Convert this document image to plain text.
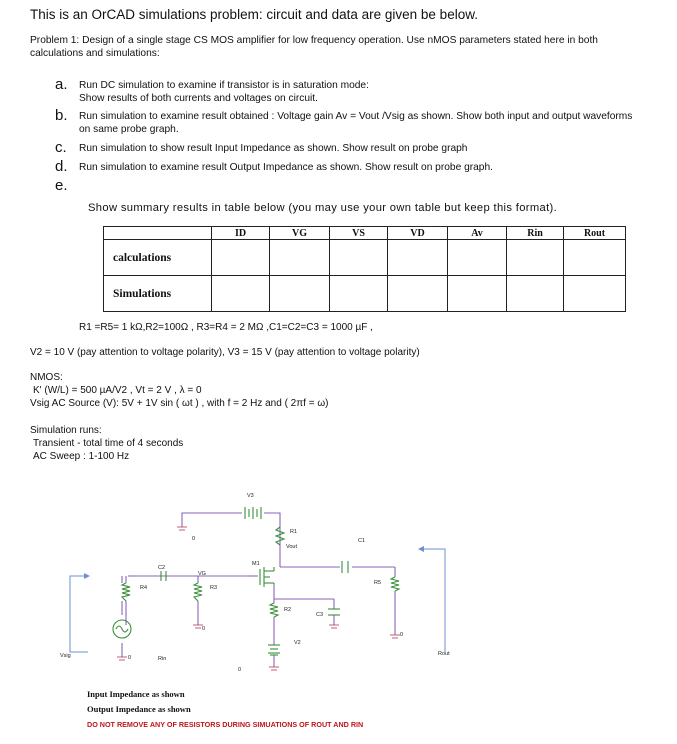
This is an OrCAD simulations problem: circuit and data are given be below.
Problem 1: Design of a single stage CS MOS amplifier for low frequency operation. Use nMOS parameters stated here in both calculations and simulations:
a. Run DC simulation to examine if transistor is in saturation mode:
Show results of both currents and voltages on circuit.
b. Run simulation to examine result obtained : Voltage gain Av = Vout /Vsig as shown. Show both input and output waveforms on same probe graph.
c. Run simulation to show result Input Impedance as shown. Show result on probe graph
d. Run simulation to examine result Output Impedance as shown. Show result on probe graph.
e.
Show summary results in table below (you may use your own table but keep this format).
	ID	VG	VS	VD	Av	Rin	Rout
calculations							
Simulations							
R1 =R5= 1 kΩ,R2=100Ω , R3=R4 = 2 MΩ ,C1=C2=C3 = 1000 µF ,
V2 = 10 V (pay attention to voltage polarity), V3 = 15 V (pay attention to voltage polarity)
NMOS:
K' (W/L) = 500 µA/V2 , Vt = 2 V , λ = 0
Vsig AC Source (V): 5V + 1V sin ( ωt ) , with f = 2 Hz and ( 2πf = ω)
Simulation runs:
Transient - total time of 4 seconds
AC Sweep : 1-100 Hz
V3
R1
Vout
C1
M1
C2
VG
R4	R3
R5
R2
C3
V2
Vsig	Rin
Rout
0
0
0
0
0
Input Impedance as shown
Output Impedance as shown
DO NOT REMOVE ANY OF RESISTORS DURING SIMUATIONS OF ROUT AND RIN
